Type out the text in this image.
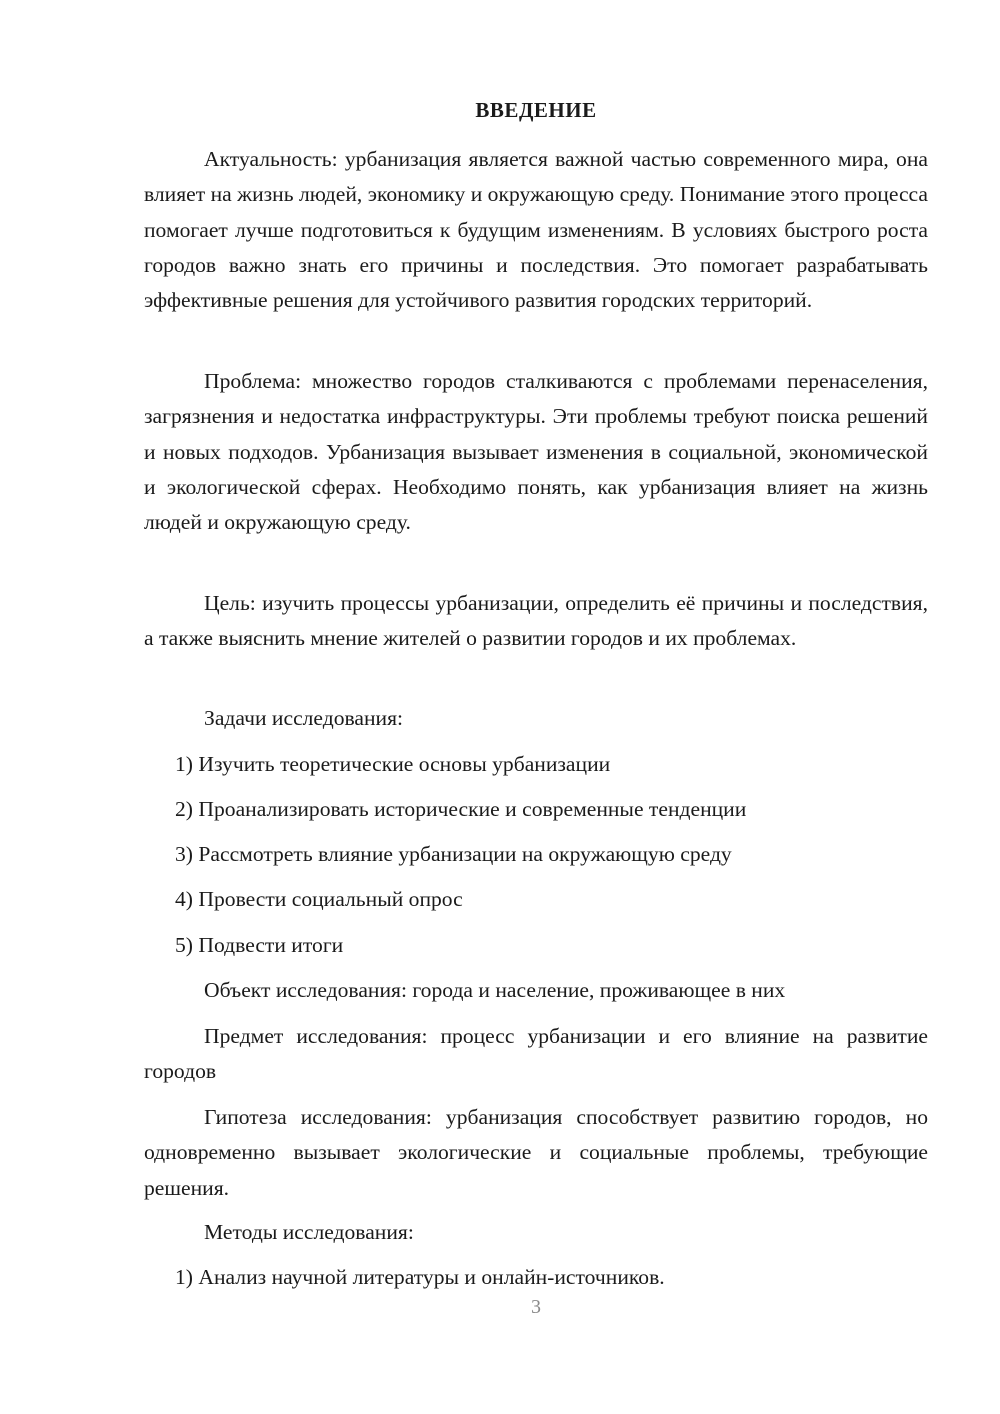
ВВЕДЕНИЕ

Актуальность: урбанизация является важной частью современного мира, она влияет на жизнь людей, экономику и окружающую среду. Понимание этого процесса помогает лучше подготовиться к будущим изменениям. В условиях быстрого роста городов важно знать его причины и последствия. Это помогает разрабатывать эффективные решения для устойчивого развития городских территорий.

Проблема: множество городов сталкиваются с проблемами перенаселения, загрязнения и недостатка инфраструктуры. Эти проблемы требуют поиска решений и новых подходов. Урбанизация вызывает изменения в социальной, экономической и экологической сферах. Необходимо понять, как урбанизация влияет на жизнь людей и окружающую среду.

Цель: изучить процессы урбанизации, определить её причины и последствия, а также выяснить мнение жителей о развитии городов и их проблемах.

Задачи исследования:

1) Изучить теоретические основы урбанизации

2) Проанализировать исторические и современные тенденции

3) Рассмотреть влияние урбанизации на окружающую среду

4) Провести социальный опрос

5) Подвести итоги

Объект исследования: города и население, проживающее в них

Предмет исследования: процесс урбанизации и его влияние на развитие городов

Гипотеза исследования: урбанизация способствует развитию городов, но одновременно вызывает экологические и социальные проблемы, требующие решения.

Методы исследования:

1) Анализ научной литературы и онлайн-источников.

3
